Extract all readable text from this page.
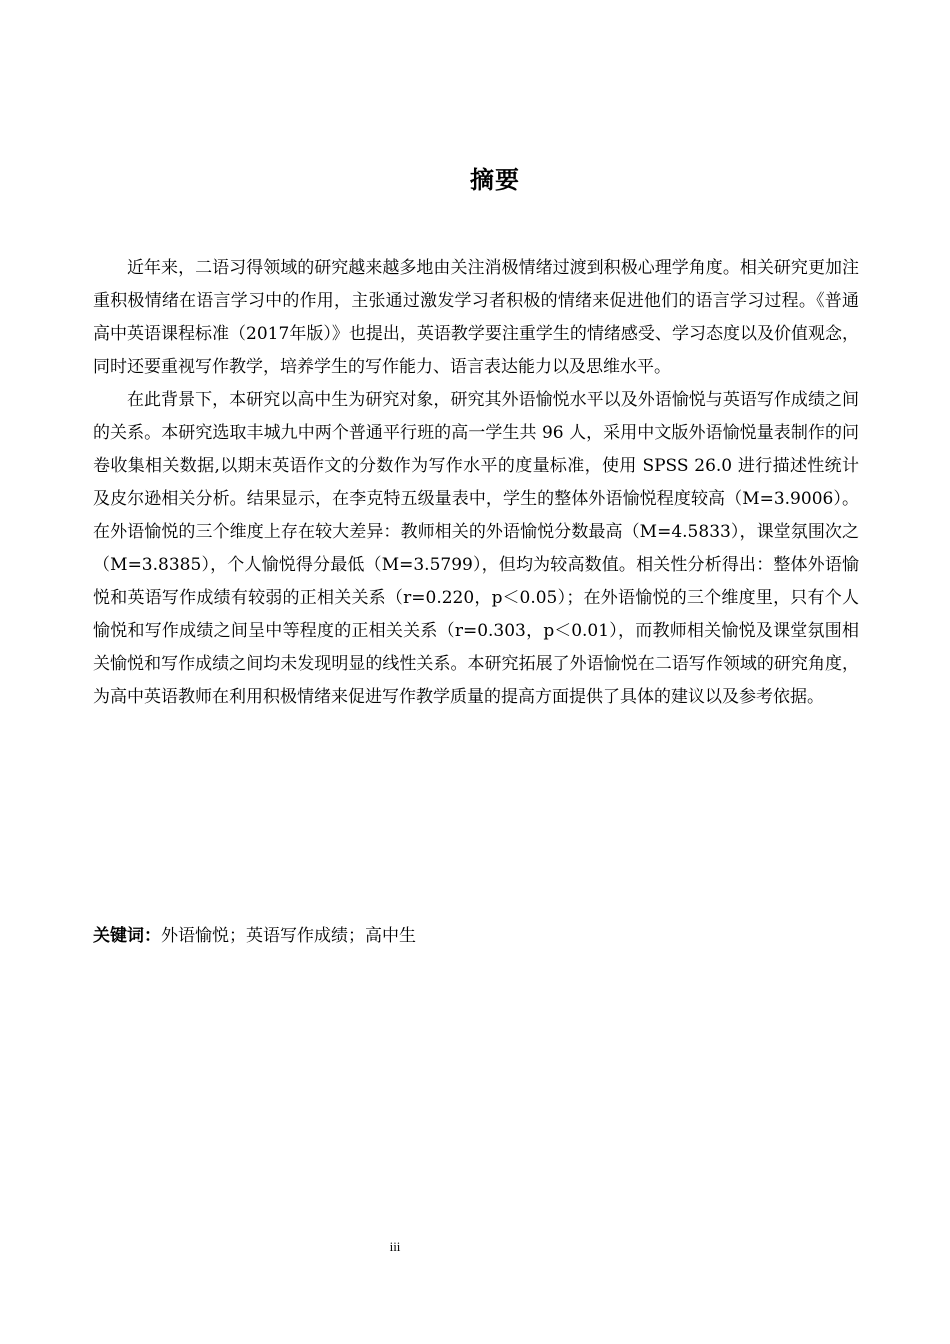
摘要

近年来，二语习得领域的研究越来越多地由关注消极情绪过渡到积极心理学角度。相关研究更加注重积极情绪在语言学习中的作用，主张通过激发学习者积极的情绪来促进他们的语言学习过程。《普通高中英语课程标准（2017年版）》也提出，英语教学要注重学生的情绪感受、学习态度以及价值观念，同时还要重视写作教学，培养学生的写作能力、语言表达能力以及思维水平。

在此背景下，本研究以高中生为研究对象，研究其外语愉悦水平以及外语愉悦与英语写作成绩之间的关系。本研究选取丰城九中两个普通平行班的高一学生共 96 人，采用中文版外语愉悦量表制作的问卷收集相关数据,以期末英语作文的分数作为写作水平的度量标准，使用 SPSS 26.0 进行描述性统计及皮尔逊相关分析。结果显示，在李克特五级量表中，学生的整体外语愉悦程度较高（M=3.9006）。在外语愉悦的三个维度上存在较大差异：教师相关的外语愉悦分数最高（M=4.5833），课堂氛围次之（M=3.8385），个人愉悦得分最低（M=3.5799），但均为较高数值。相关性分析得出：整体外语愉悦和英语写作成绩有较弱的正相关关系（r=0.220，p＜0.05）；在外语愉悦的三个维度里，只有个人愉悦和写作成绩之间呈中等程度的正相关关系（r=0.303，p＜0.01），而教师相关愉悦及课堂氛围相关愉悦和写作成绩之间均未发现明显的线性关系。本研究拓展了外语愉悦在二语写作领域的研究角度，为高中英语教师在利用积极情绪来促进写作教学质量的提高方面提供了具体的建议以及参考依据。

关键词：外语愉悦；英语写作成绩；高中生
iii
